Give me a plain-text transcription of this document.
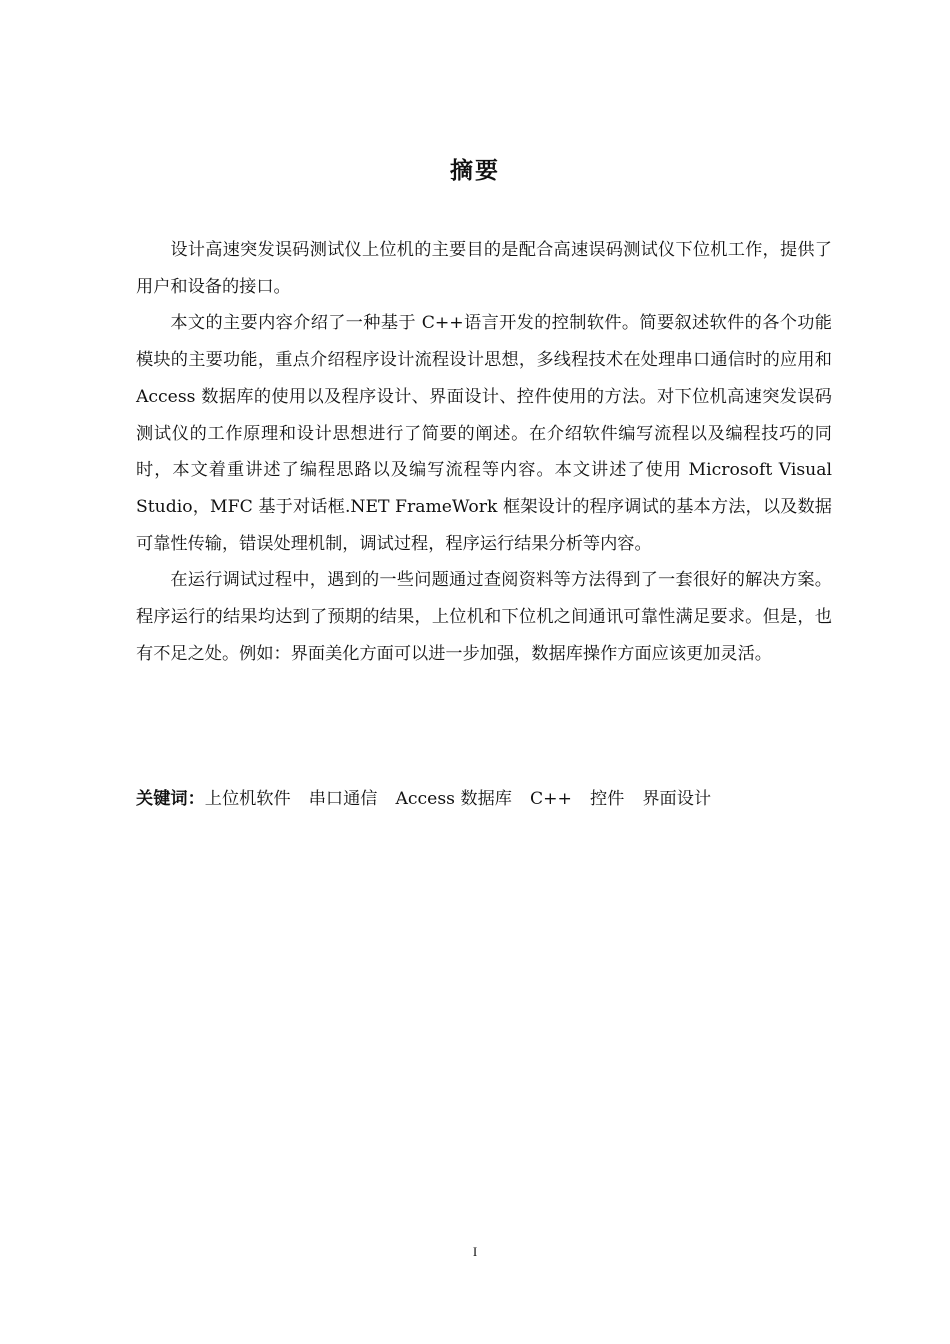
摘要

设计高速突发误码测试仪上位机的主要目的是配合高速误码测试仪下位机工作，提供了用户和设备的接口。

本文的主要内容介绍了一种基于 C++语言开发的控制软件。简要叙述软件的各个功能模块的主要功能，重点介绍程序设计流程设计思想，多线程技术在处理串口通信时的应用和 Access 数据库的使用以及程序设计、界面设计、控件使用的方法。对下位机高速突发误码测试仪的工作原理和设计思想进行了简要的阐述。在介绍软件编写流程以及编程技巧的同时，本文着重讲述了编程思路以及编写流程等内容。本文讲述了使用 Microsoft Visual Studio，MFC 基于对话框.NET FrameWork 框架设计的程序调试的基本方法，以及数据可靠性传输，错误处理机制，调试过程，程序运行结果分析等内容。

在运行调试过程中，遇到的一些问题通过查阅资料等方法得到了一套很好的解决方案。程序运行的结果均达到了预期的结果，上位机和下位机之间通讯可靠性满足要求。但是，也有不足之处。例如：界面美化方面可以进一步加强，数据库操作方面应该更加灵活。

关键词：上位机软件 串口通信 Access 数据库 C++ 控件 界面设计
I
